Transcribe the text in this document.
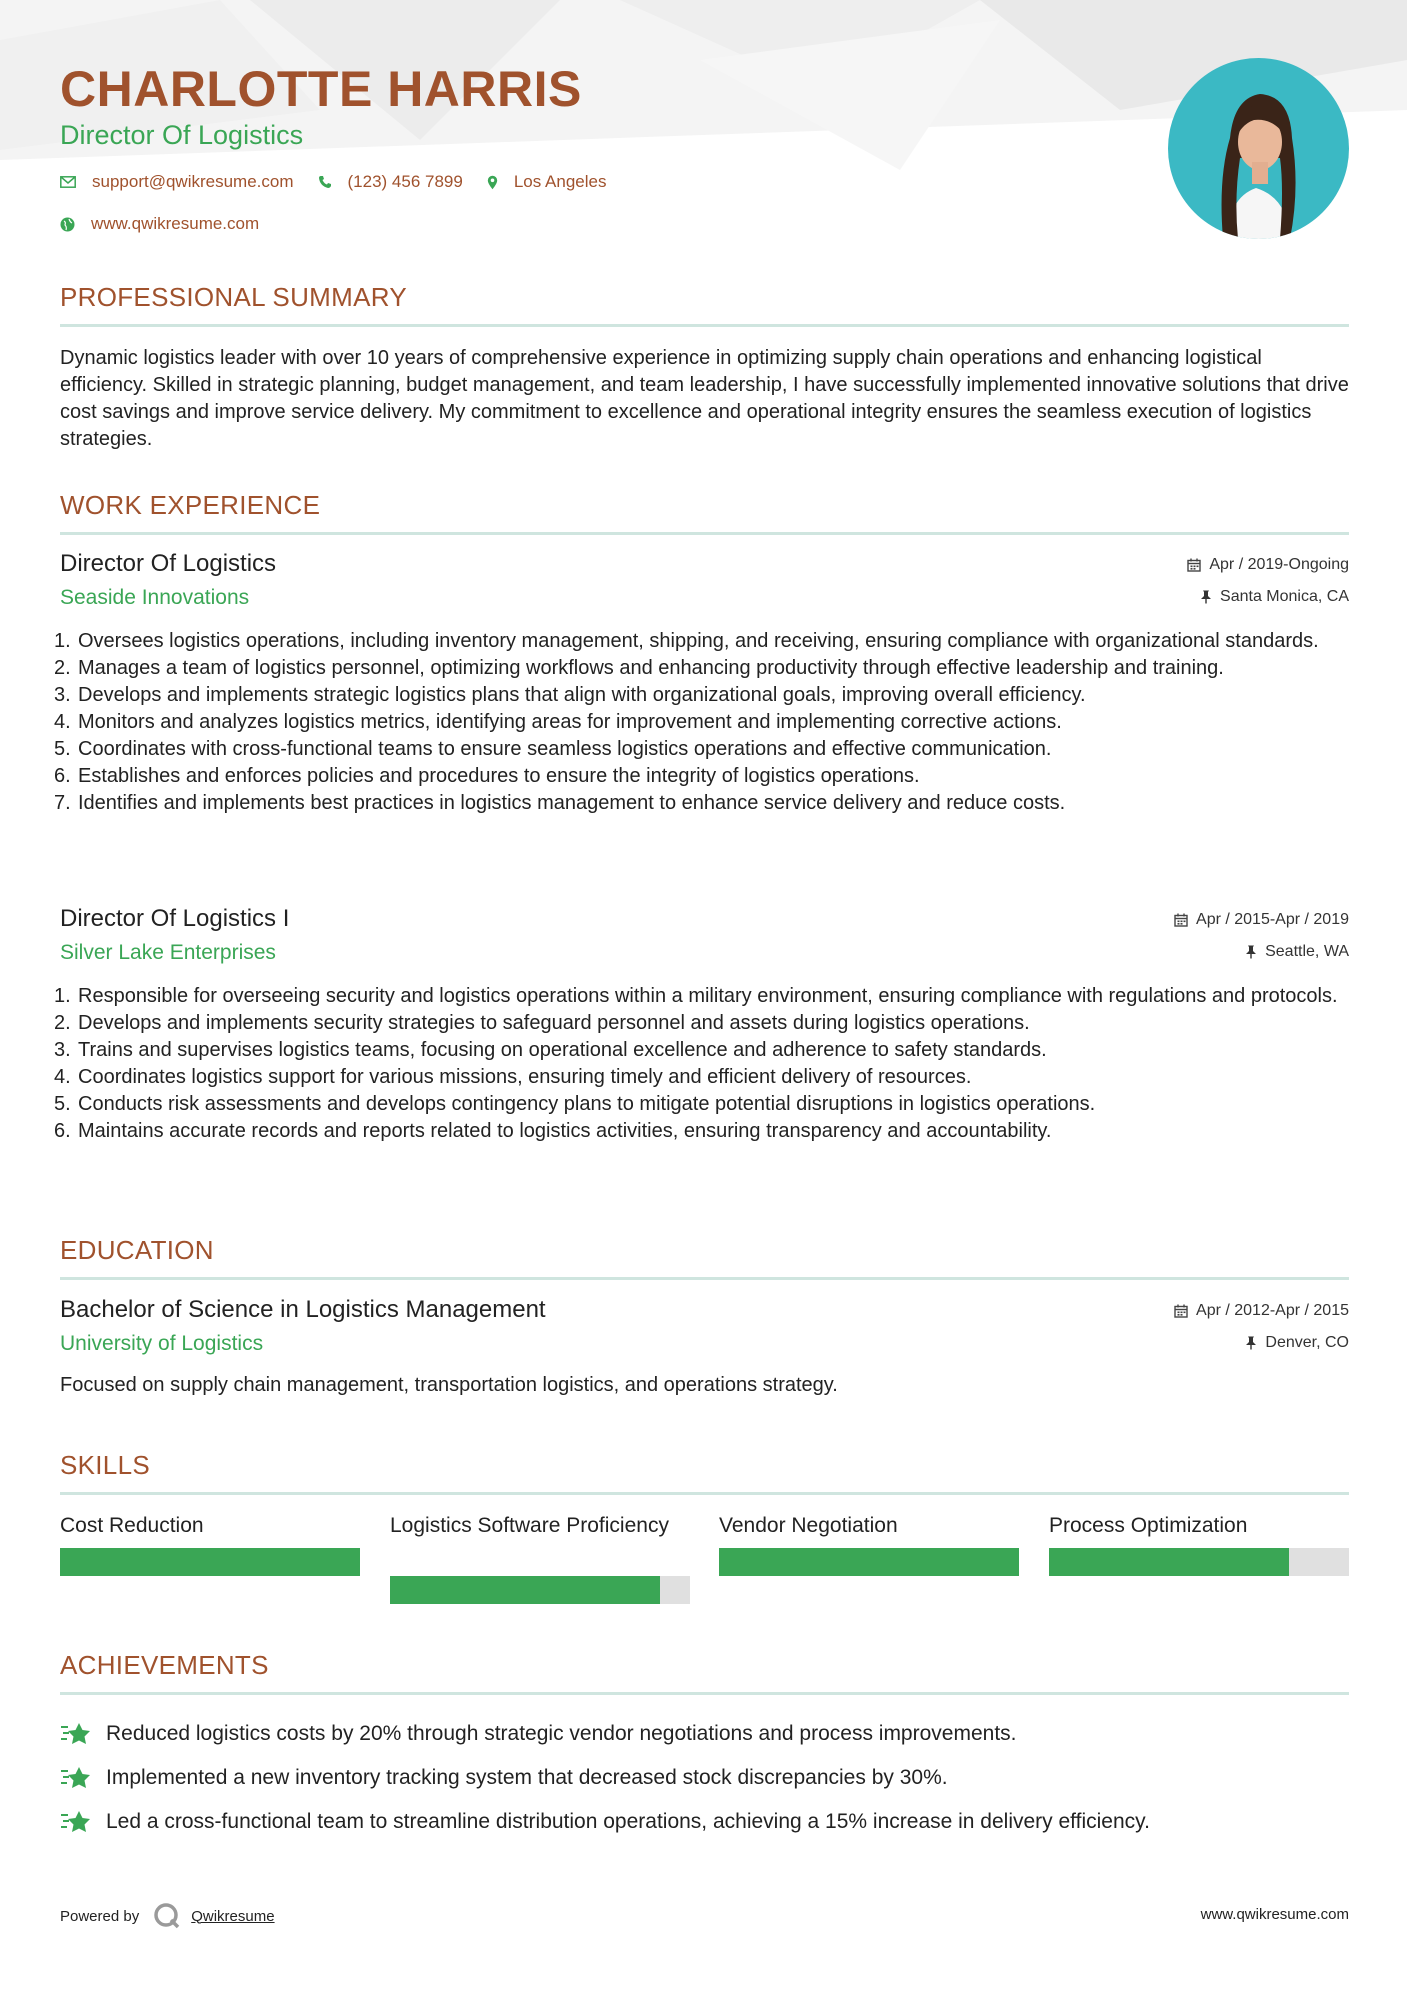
CHARLOTTE HARRIS
Director Of Logistics
support@qwikresume.com	(123) 456 7899	Los Angeles
www.qwikresume.com
PROFESSIONAL SUMMARY
Dynamic logistics leader with over 10 years of comprehensive experience in optimizing supply chain operations and enhancing logistical efficiency. Skilled in strategic planning, budget management, and team leadership, I have successfully implemented innovative solutions that drive cost savings and improve service delivery. My commitment to excellence and operational integrity ensures the seamless execution of logistics strategies.
WORK EXPERIENCE
Director Of Logistics
Seaside Innovations
Apr / 2019-Ongoing
Santa Monica, CA
1. Oversees logistics operations, including inventory management, shipping, and receiving, ensuring compliance with organizational standards.
2. Manages a team of logistics personnel, optimizing workflows and enhancing productivity through effective leadership and training.
3. Develops and implements strategic logistics plans that align with organizational goals, improving overall efficiency.
4. Monitors and analyzes logistics metrics, identifying areas for improvement and implementing corrective actions.
5. Coordinates with cross-functional teams to ensure seamless logistics operations and effective communication.
6. Establishes and enforces policies and procedures to ensure the integrity of logistics operations.
7. Identifies and implements best practices in logistics management to enhance service delivery and reduce costs.
Director Of Logistics I
Silver Lake Enterprises
Apr / 2015-Apr / 2019
Seattle, WA
1. Responsible for overseeing security and logistics operations within a military environment, ensuring compliance with regulations and protocols.
2. Develops and implements security strategies to safeguard personnel and assets during logistics operations.
3. Trains and supervises logistics teams, focusing on operational excellence and adherence to safety standards.
4. Coordinates logistics support for various missions, ensuring timely and efficient delivery of resources.
5. Conducts risk assessments and develops contingency plans to mitigate potential disruptions in logistics operations.
6. Maintains accurate records and reports related to logistics activities, ensuring transparency and accountability.
EDUCATION
Bachelor of Science in Logistics Management
University of Logistics
Apr / 2012-Apr / 2015
Denver, CO
Focused on supply chain management, transportation logistics, and operations strategy.
SKILLS
Cost Reduction	Logistics Software Proficiency	Vendor Negotiation	Process Optimization
ACHIEVEMENTS
Reduced logistics costs by 20% through strategic vendor negotiations and process improvements.
Implemented a new inventory tracking system that decreased stock discrepancies by 30%.
Led a cross-functional team to streamline distribution operations, achieving a 15% increase in delivery efficiency.
Powered by	Qwikresume	www.qwikresume.com
